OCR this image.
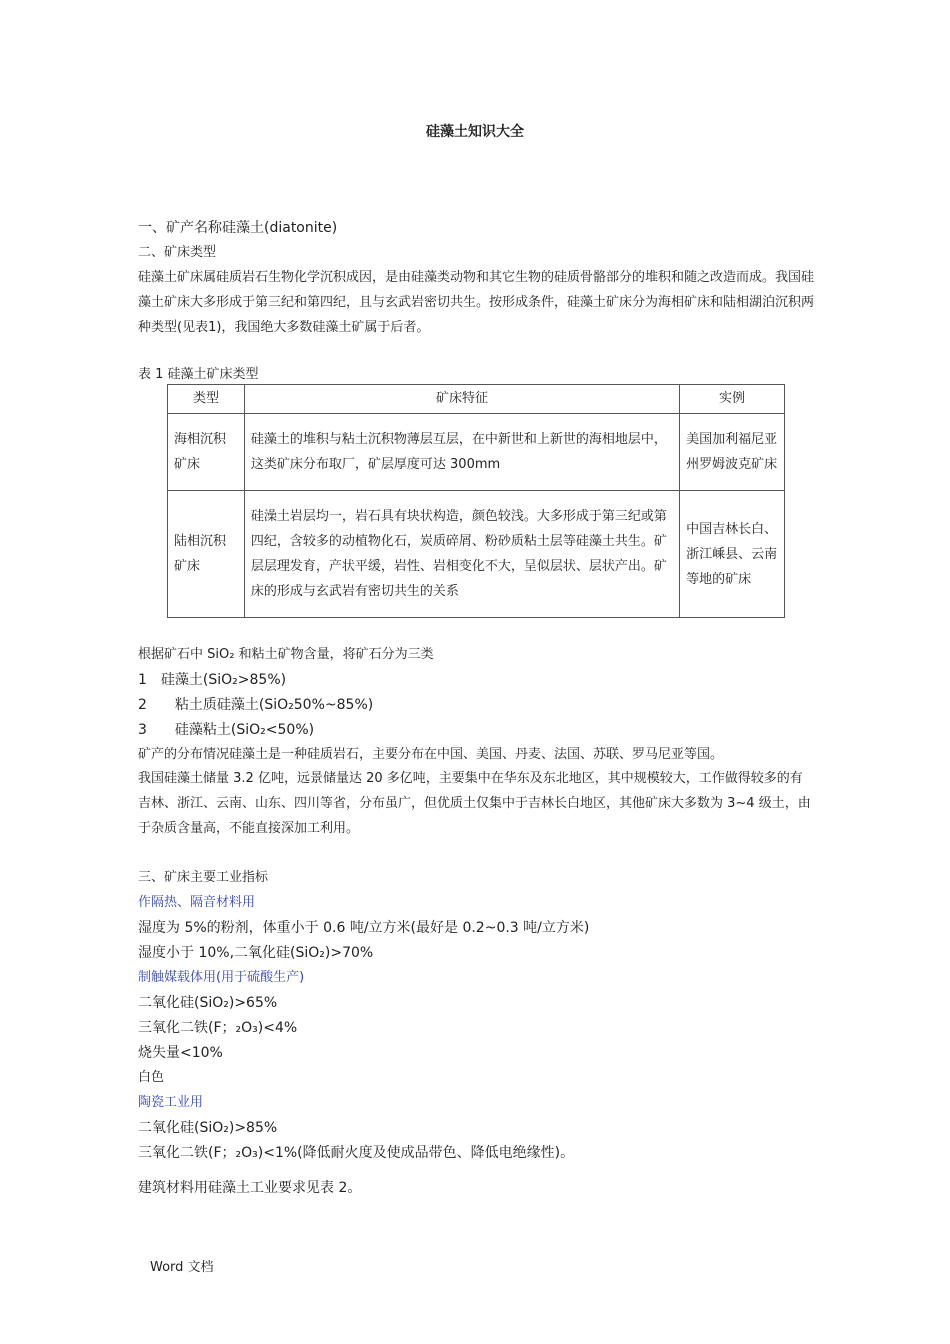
硅藻土知识大全
一、矿产名称硅藻土(diatonite)
二、矿床类型
硅藻土矿床属硅质岩石生物化学沉积成因，是由硅藻类动物和其它生物的硅质骨骼部分的堆积和随之改造而成。我国硅藻土矿床大多形成于第三纪和第四纪，且与玄武岩密切共生。按形成条件，硅藻土矿床分为海相矿床和陆相湖泊沉积两种类型(见表1)，我国绝大多数硅藻土矿属于后者。
表 1 硅藻土矿床类型
类型	矿床特征	实例
海相沉积矿床	硅藻土的堆积与粘土沉积物薄层互层，在中新世和上新世的海相地层中，这类矿床分布取厂，矿层厚度可达 300mm	美国加利福尼亚州罗姆波克矿床
陆相沉积矿床	硅澡土岩层均一，岩石具有块状构造，颜色较浅。大多形成于第三纪或第四纪，含较多的动植物化石，炭质碎屑、粉砂质粘土层等硅藻土共生。矿层层理发育，产状平缓，岩性、岩相变化不大，呈似层状、层状产出。矿床的形成与玄武岩有密切共生的关系	中国吉林长白、浙江嵊县、云南等地的矿床
根据矿石中 SiO₂ 和粘土矿物含量，将矿石分为三类
1　硅藻土(SiO₂>85%)
2　　粘土质硅藻土(SiO₂50%~85%)
3　　硅藻粘土(SiO₂<50%)
矿产的分布情况硅藻土是一种硅质岩石，主要分布在中国、美国、丹麦、法国、苏联、罗马尼亚等国。
我国硅藻土储量 3.2 亿吨，远景储量达 20 多亿吨，主要集中在华东及东北地区，其中规模较大，工作做得较多的有吉林、浙江、云南、山东、四川等省，分布虽广，但优质土仅集中于吉林长白地区，其他矿床大多数为 3~4 级土，由于杂质含量高，不能直接深加工利用。
三、矿床主要工业指标
作隔热、隔音材料用
湿度为 5%的粉剂，体重小于 0.6 吨/立方米(最好是 0.2~0.3 吨/立方米)
湿度小于 10%,二氧化硅(SiO₂)>70%
制触媒载体用(用于硫酸生产)
二氧化硅(SiO₂)>65%
三氧化二铁(F；₂O₃)<4%
烧失量<10%
白色
陶瓷工业用
二氧化硅(SiO₂)>85%
三氧化二铁(F；₂O₃)<1%(降低耐火度及使成品带色、降低电绝缘性)。
建筑材料用硅藻土工业要求见表 2。
Word 文档
